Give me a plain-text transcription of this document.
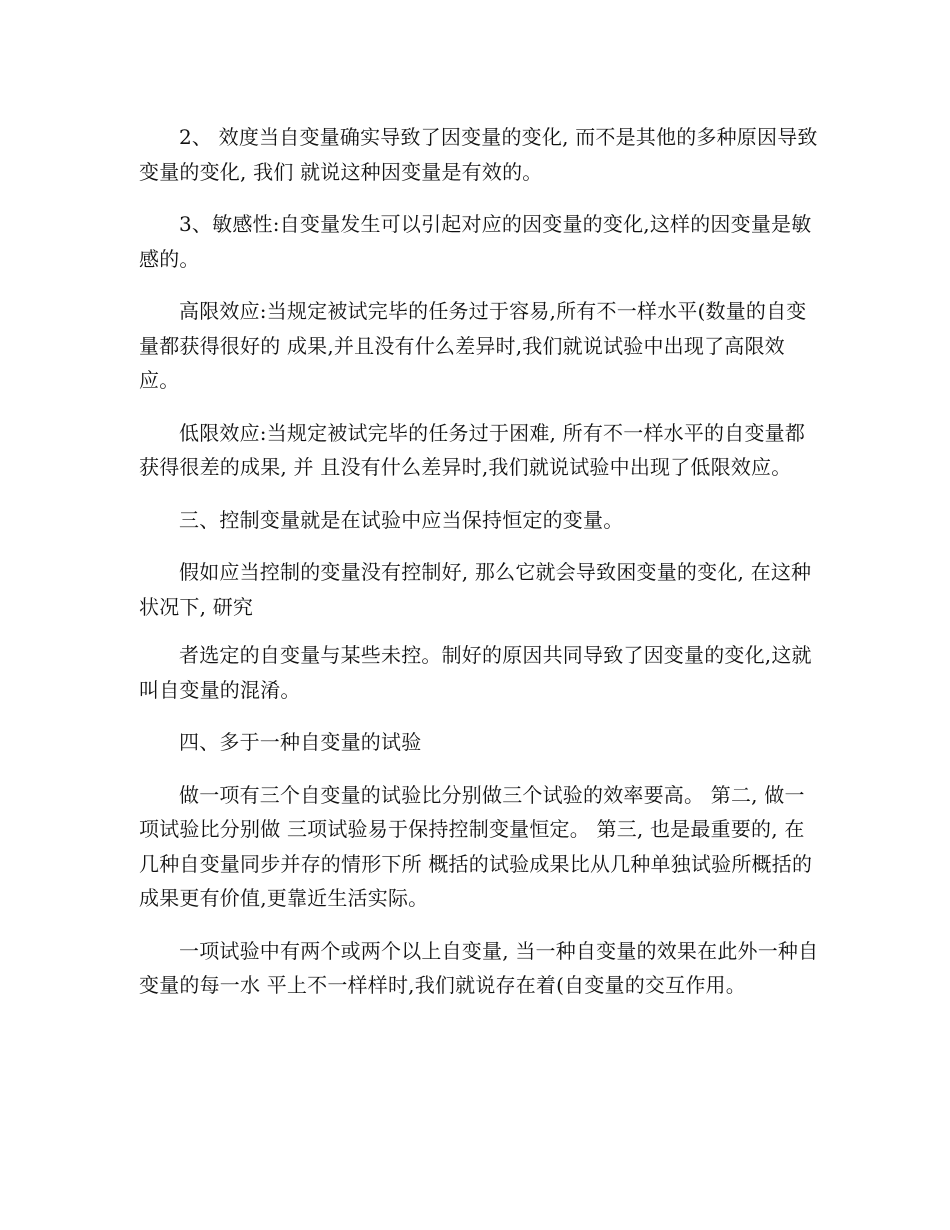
2、 效度当自变量确实导致了因变量的变化, 而不是其他的多种原因导致变量的变化, 我们 就说这种因变量是有效的。

3、敏感性:自变量发生可以引起对应的因变量的变化,这样的因变量是敏感的。

高限效应:当规定被试完毕的任务过于容易,所有不一样水平(数量的自变量都获得很好的 成果,并且没有什么差异时,我们就说试验中出现了高限效应。

低限效应:当规定被试完毕的任务过于困难, 所有不一样水平的自变量都获得很差的成果, 并 且没有什么差异时,我们就说试验中出现了低限效应。

三、控制变量就是在试验中应当保持恒定的变量。

假如应当控制的变量没有控制好, 那么它就会导致困变量的变化, 在这种状况下, 研究

者选定的自变量与某些未控。制好的原因共同导致了因变量的变化,这就叫自变量的混淆。

四、多于一种自变量的试验

做一项有三个自变量的试验比分别做三个试验的效率要高。 第二, 做一项试验比分别做 三项试验易于保持控制变量恒定。 第三, 也是最重要的, 在几种自变量同步并存的情形下所 概括的试验成果比从几种单独试验所概括的成果更有价值,更靠近生活实际。

一项试验中有两个或两个以上自变量, 当一种自变量的效果在此外一种自变量的每一水 平上不一样样时,我们就说存在着(自变量的交互作用。
